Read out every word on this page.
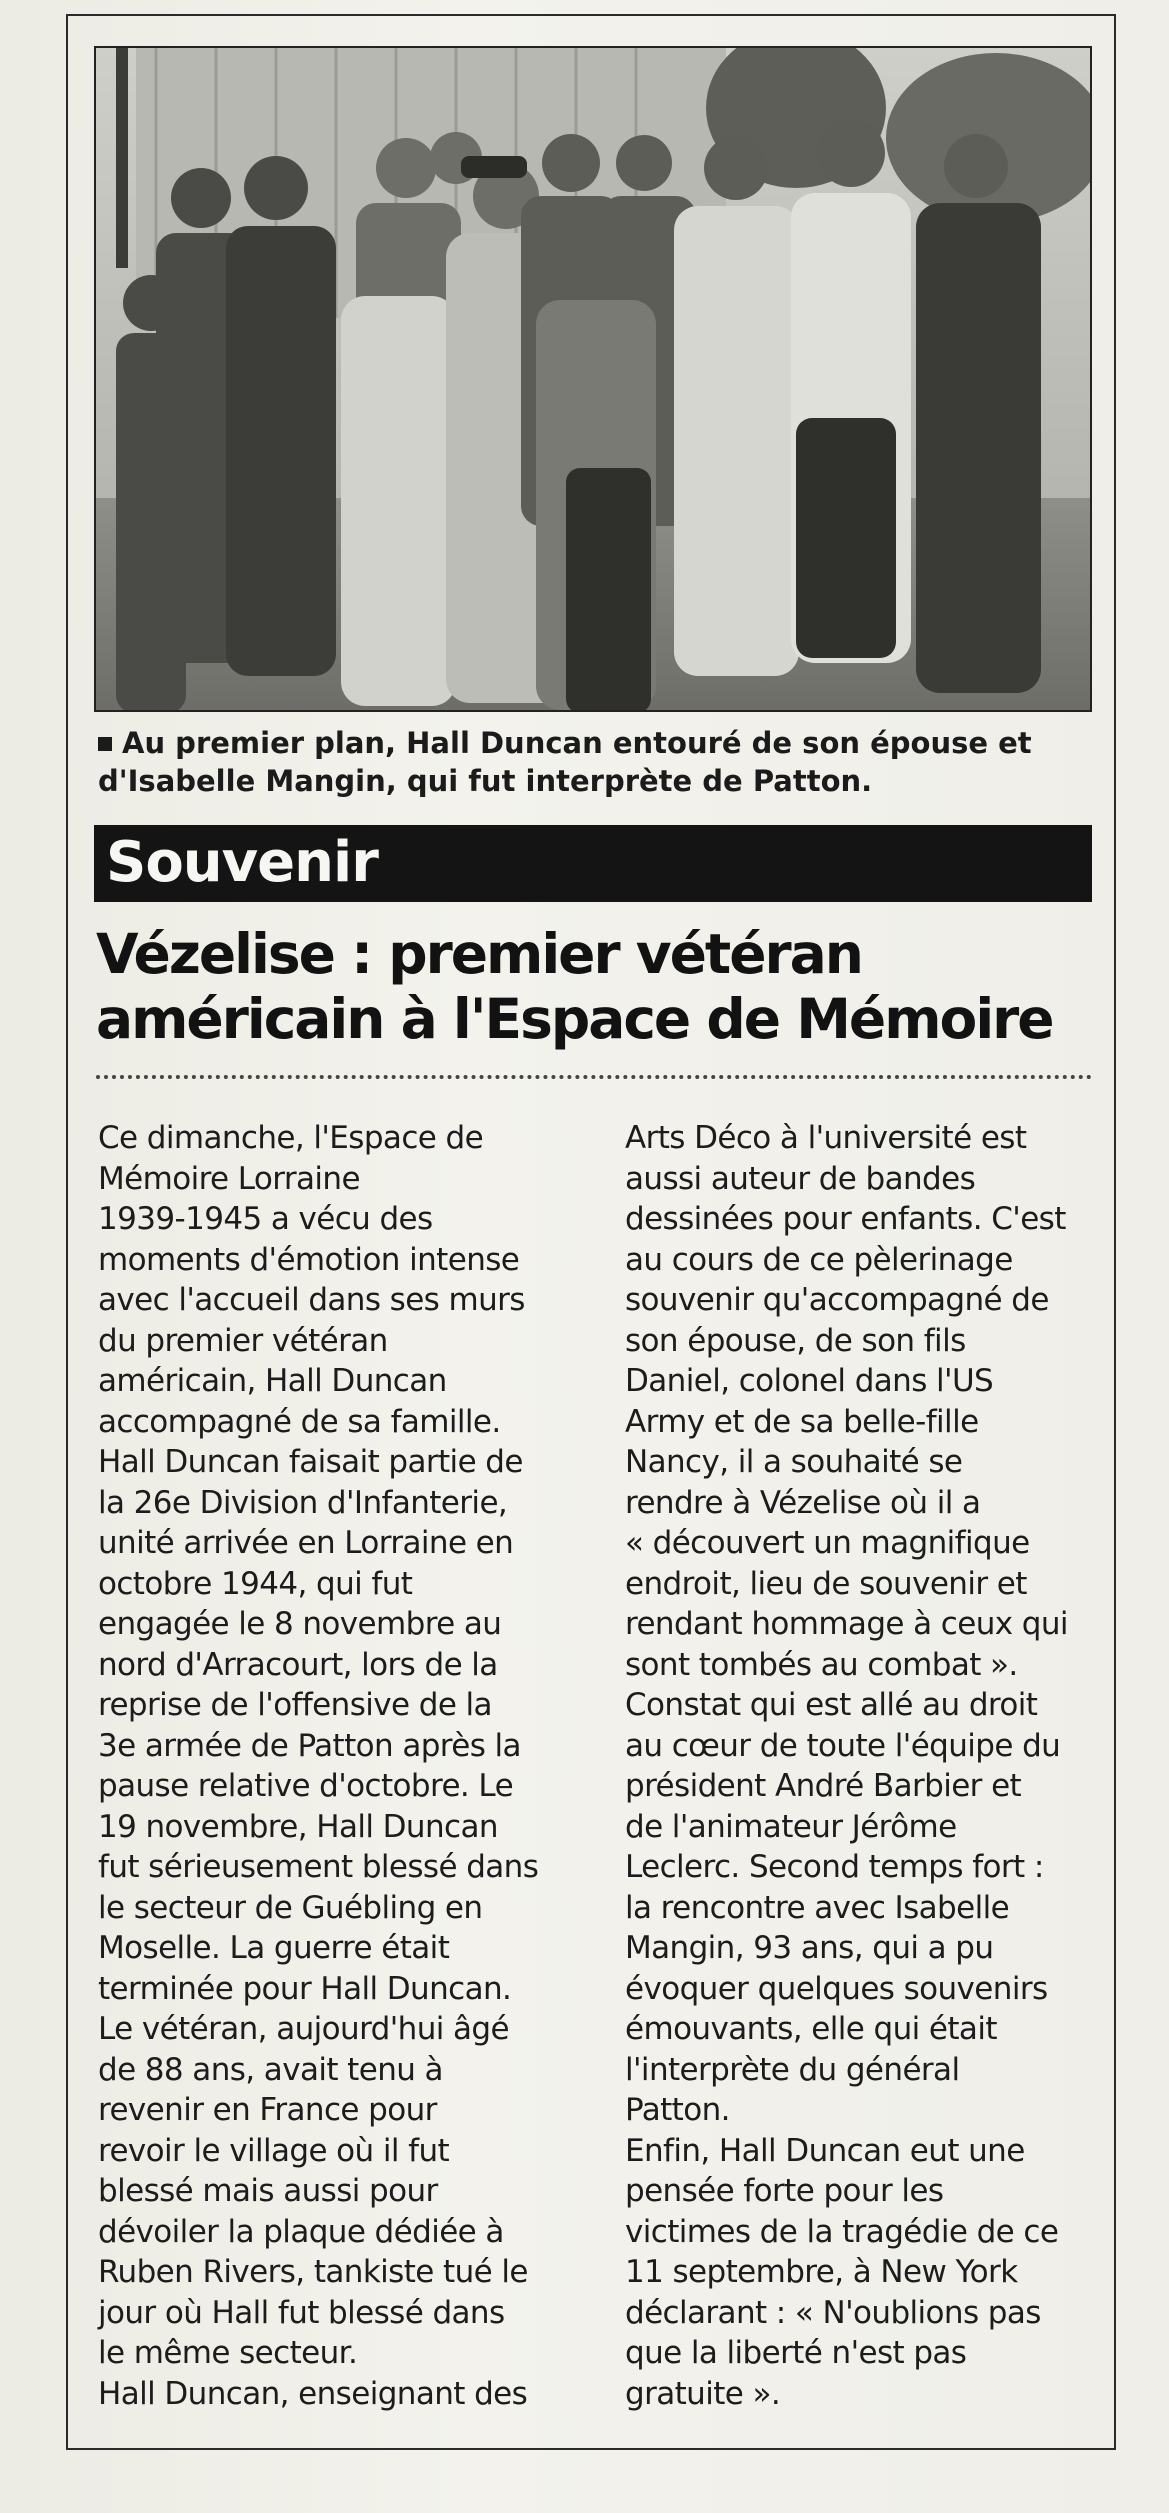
Au premier plan, Hall Duncan entouré de son épouse et
d'Isabelle Mangin, qui fut interprète de Patton.
Souvenir
Vézelise : premier vétéran
américain à l'Espace de Mémoire
Ce dimanche, l'Espace de
Mémoire Lorraine
1939-1945 a vécu des
moments d'émotion intense
avec l'accueil dans ses murs
du premier vétéran
américain, Hall Duncan
accompagné de sa famille.
Hall Duncan faisait partie de
la 26e Division d'Infanterie,
unité arrivée en Lorraine en
octobre 1944, qui fut
engagée le 8 novembre au
nord d'Arracourt, lors de la
reprise de l'offensive de la
3e armée de Patton après la
pause relative d'octobre. Le
19 novembre, Hall Duncan
fut sérieusement blessé dans
le secteur de Guébling en
Moselle. La guerre était
terminée pour Hall Duncan.
Le vétéran, aujourd'hui âgé
de 88 ans, avait tenu à
revenir en France pour
revoir le village où il fut
blessé mais aussi pour
dévoiler la plaque dédiée à
Ruben Rivers, tankiste tué le
jour où Hall fut blessé dans
le même secteur.
Hall Duncan, enseignant des
Arts Déco à l'université est
aussi auteur de bandes
dessinées pour enfants. C'est
au cours de ce pèlerinage
souvenir qu'accompagné de
son épouse, de son fils
Daniel, colonel dans l'US
Army et de sa belle-fille
Nancy, il a souhaité se
rendre à Vézelise où il a
« découvert un magnifique
endroit, lieu de souvenir et
rendant hommage à ceux qui
sont tombés au combat ».
Constat qui est allé au droit
au cœur de toute l'équipe du
président André Barbier et
de l'animateur Jérôme
Leclerc. Second temps fort :
la rencontre avec Isabelle
Mangin, 93 ans, qui a pu
évoquer quelques souvenirs
émouvants, elle qui était
l'interprète du général
Patton.
Enfin, Hall Duncan eut une
pensée forte pour les
victimes de la tragédie de ce
11 septembre, à New York
déclarant : « N'oublions pas
que la liberté n'est pas
gratuite ».
